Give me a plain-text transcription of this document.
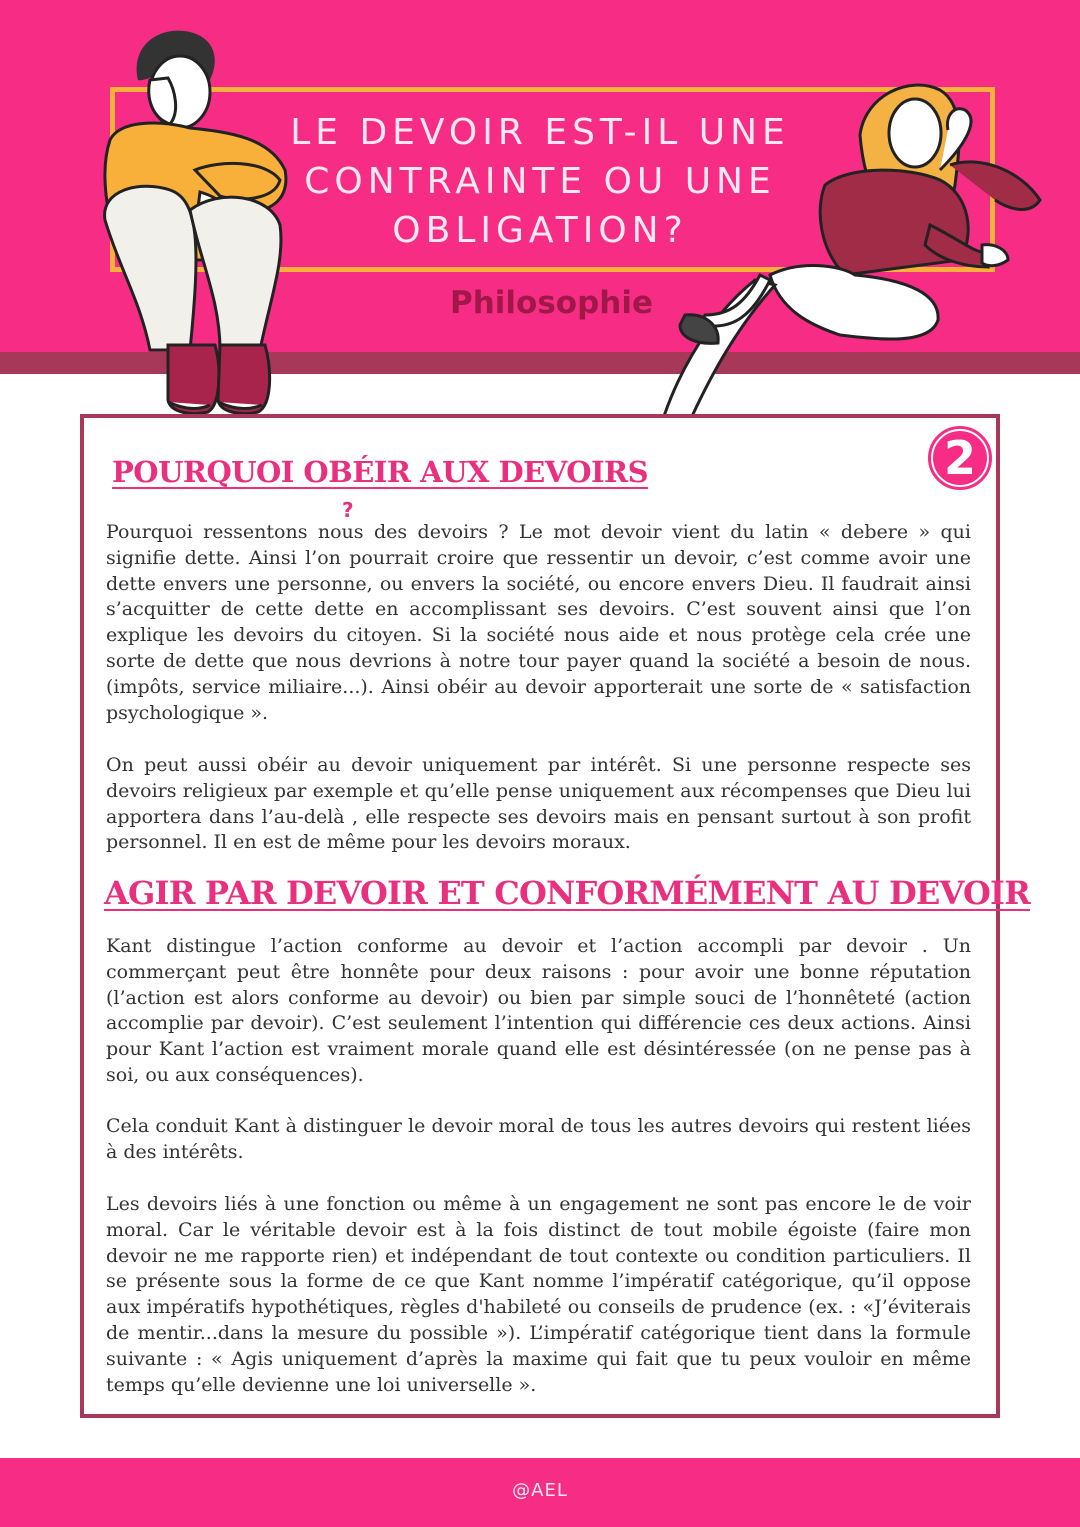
LE DEVOIR EST-IL UNE CONTRAINTE OU UNE OBLIGATION?

Philosophie

2
POURQUOI OBÉIR AUX DEVOIRS
?

Pourquoi ressentons nous des devoirs ? Le mot devoir vient du latin « debere » qui signifie dette. Ainsi l’on pourrait croire que ressentir un devoir, c’est comme avoir une dette envers une personne, ou envers la société, ou encore envers Dieu. Il faudrait ainsi s’acquitter de cette dette en accomplissant ses devoirs. C’est souvent ainsi que l’on explique les devoirs du citoyen. Si la société nous aide et nous protège cela crée une sorte de dette que nous devrions à notre tour payer quand la société a besoin de nous. (impôts, service miliaire...). Ainsi obéir au devoir apporterait une sorte de « satisfaction psychologique ».

On peut aussi obéir au devoir uniquement par intérêt. Si une personne respecte ses devoirs religieux par exemple et qu’elle pense uniquement aux récompenses que Dieu lui apportera dans l’au-delà , elle respecte ses devoirs mais en pensant surtout à son profit personnel. Il en est de même pour les devoirs moraux.

AGIR PAR DEVOIR ET CONFORMÉMENT AU DEVOIR

Kant distingue l’action conforme au devoir et l’action accompli par devoir . Un commerçant peut être honnête pour deux raisons : pour avoir une bonne réputation (l’action est alors conforme au devoir) ou bien par simple souci de l’honnêteté (action accomplie par devoir). C’est seulement l’intention qui différencie ces deux actions. Ainsi pour Kant l’action est vraiment morale quand elle est désintéressée (on ne pense pas à soi, ou aux conséquences).

Cela conduit Kant à distinguer le devoir moral de tous les autres devoirs qui restent liées à des intérêts.

Les devoirs liés à une fonction ou même à un engagement ne sont pas encore le de voir moral. Car le véritable devoir est à la fois distinct de tout mobile égoiste (faire mon devoir ne me rapporte rien) et indépendant de tout contexte ou condition particuliers. Il se présente sous la forme de ce que Kant nomme l’impératif catégorique, qu’il oppose aux impératifs hypothétiques, règles d'habileté ou conseils de prudence (ex. : «J’éviterais de mentir...dans la mesure du possible »). L’impératif catégorique tient dans la formule suivante : « Agis uniquement d’après la maxime qui fait que tu peux vouloir en même temps qu’elle devienne une loi universelle ».

@AEL
